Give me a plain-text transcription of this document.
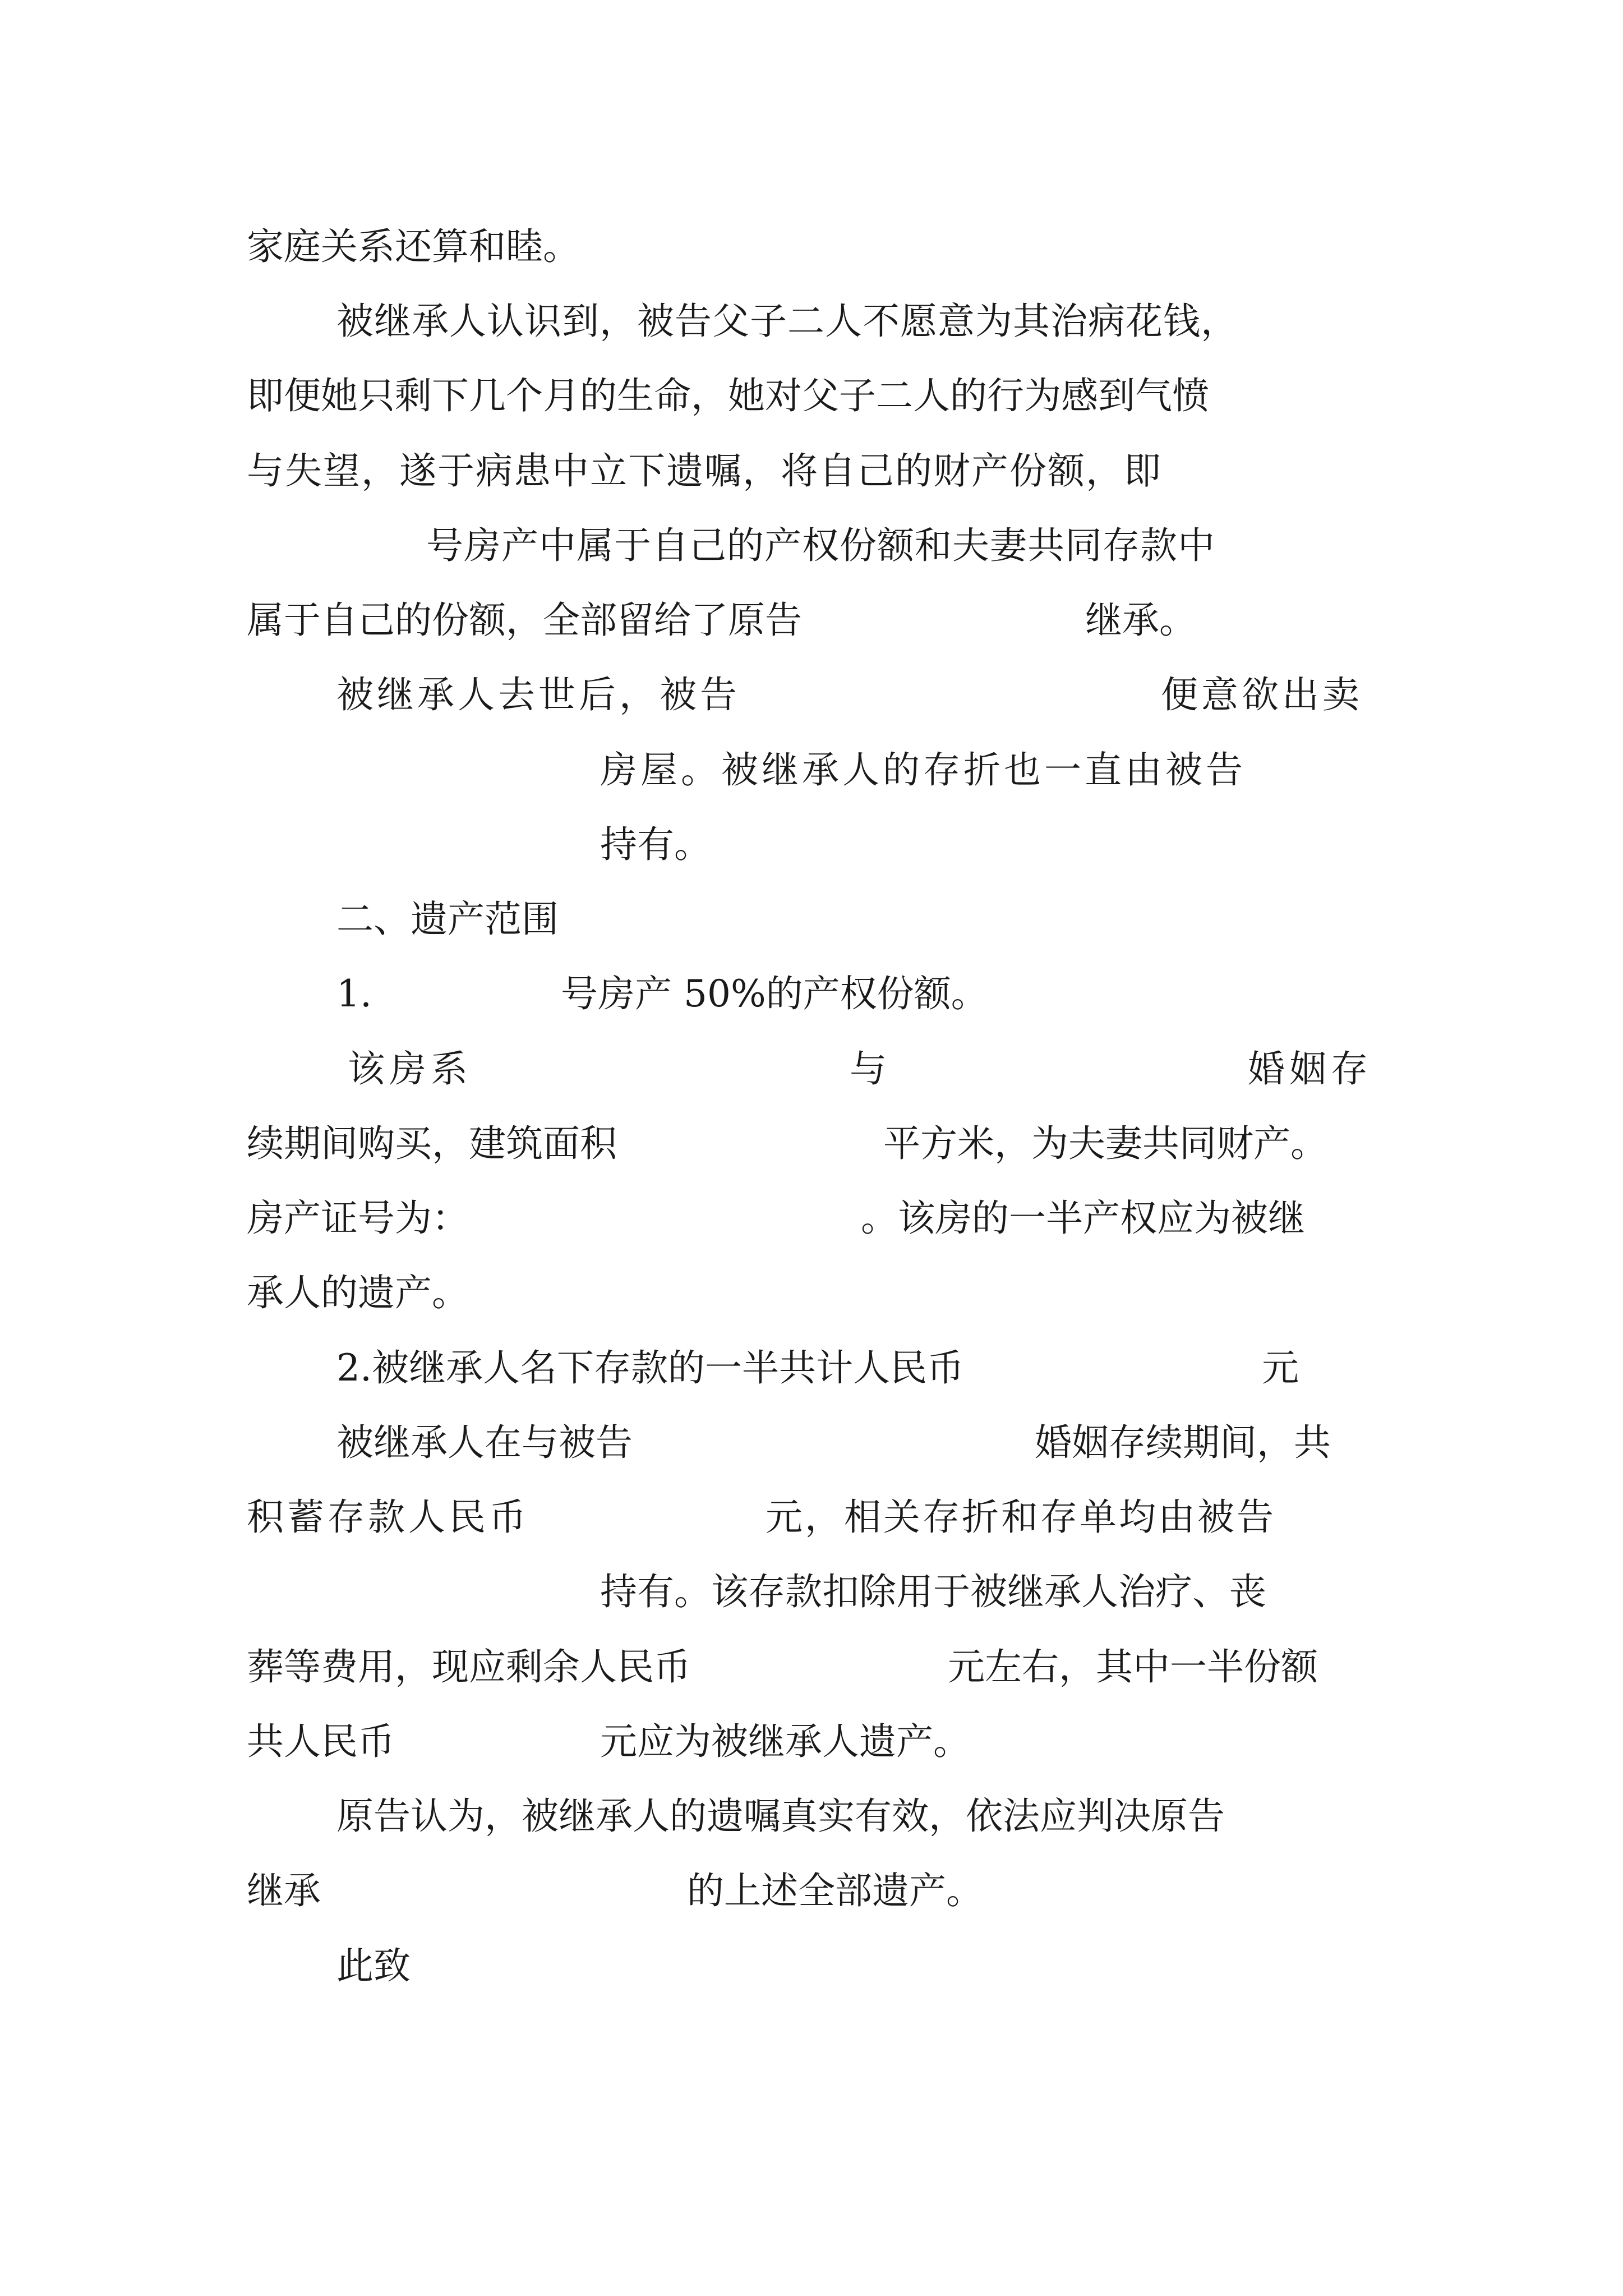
家庭关系还算和睦。
被继承人认识到，被告父子二人不愿意为其治病花钱，
即便她只剩下几个月的生命，她对父子二人的行为感到气愤
与失望，遂于病患中立下遗嘱，将自己的财产份额，即
号房产中属于自己的产权份额和夫妻共同存款中
属于自己的份额，全部留给了原告	继承。
被继承人去世后，被告	便意欲出卖
房屋。被继承人的存折也一直由被告
持有。
二、遗产范围
1.	号房产 50%的产权份额。
该房系	与	婚姻存
续期间购买，建筑面积	平方米，为夫妻共同财产。
房产证号为：	。该房的一半产权应为被继
承人的遗产。
2.被继承人名下存款的一半共计人民币	元
被继承人在与被告	婚姻存续期间，共
积蓄存款人民币	元，相关存折和存单均由被告
持有。该存款扣除用于被继承人治疗、丧
葬等费用，现应剩余人民币	元左右，其中一半份额
共人民币	元应为被继承人遗产。
原告认为，被继承人的遗嘱真实有效，依法应判决原告
继承	的上述全部遗产。
此致
